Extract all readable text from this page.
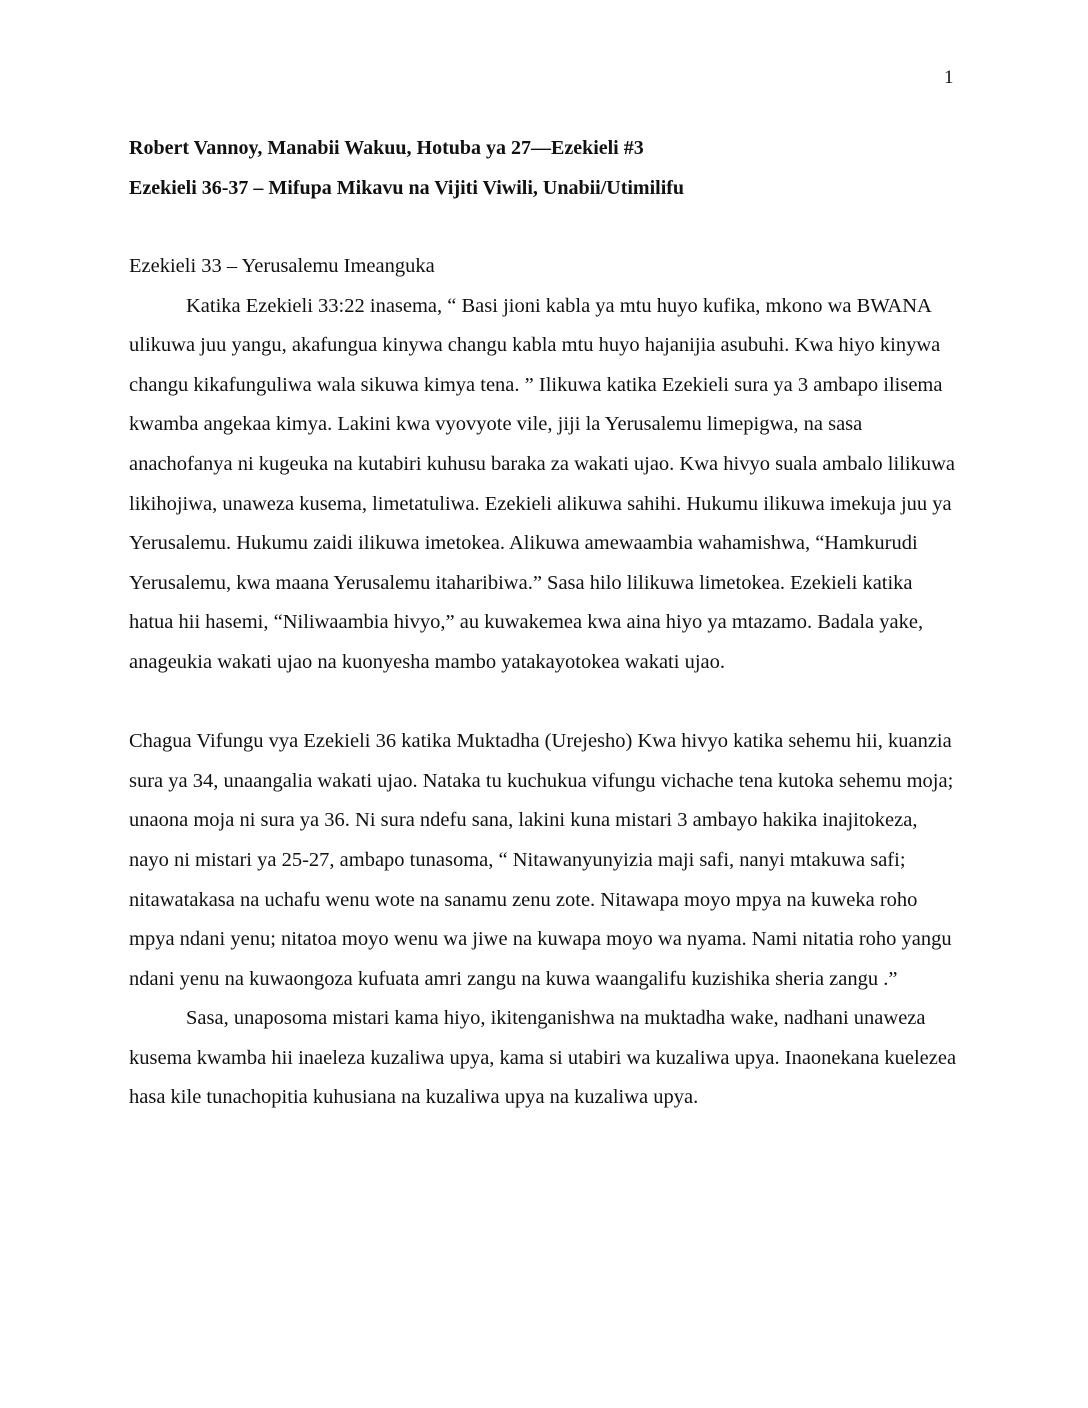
1
Robert Vannoy, Manabii Wakuu, Hotuba ya 27—Ezekieli #3
Ezekieli 36-37 – Mifupa Mikavu na Vijiti Viwili, Unabii/Utimilifu
Ezekieli 33 – Yerusalemu Imeanguka

Katika Ezekieli 33:22 inasema, “ Basi jioni kabla ya mtu huyo kufika, mkono wa BWANA ulikuwa juu yangu, akafungua kinywa changu kabla mtu huyo hajanijia asubuhi. Kwa hiyo kinywa changu kikafunguliwa wala sikuwa kimya tena. ” Ilikuwa katika Ezekieli sura ya 3 ambapo ilisema kwamba angekaa kimya. Lakini kwa vyovyote vile, jiji la Yerusalemu limepigwa, na sasa anachofanya ni kugeuka na kutabiri kuhusu baraka za wakati ujao. Kwa hivyo suala ambalo lilikuwa likihojiwa, unaweza kusema, limetatuliwa. Ezekieli alikuwa sahihi. Hukumu ilikuwa imekuja juu ya Yerusalemu. Hukumu zaidi ilikuwa imetokea. Alikuwa amewaambia wahamishwa, “Hamkurudi Yerusalemu, kwa maana Yerusalemu itaharibiwa.” Sasa hilo lilikuwa limetokea. Ezekieli katika hatua hii hasemi, “Niliwaambia hivyo,” au kuwakemea kwa aina hiyo ya mtazamo. Badala yake, anageukia wakati ujao na kuonyesha mambo yatakayotokea wakati ujao.

Chagua Vifungu vya Ezekieli 36 katika Muktadha (Urejesho) Kwa hivyo katika sehemu hii, kuanzia sura ya 34, unaangalia wakati ujao. Nataka tu kuchukua vifungu vichache tena kutoka sehemu moja; unaona moja ni sura ya 36. Ni sura ndefu sana, lakini kuna mistari 3 ambayo hakika inajitokeza, nayo ni mistari ya 25-27, ambapo tunasoma, “ Nitawanyunyizia maji safi, nanyi mtakuwa safi; nitawatakasa na uchafu wenu wote na sanamu zenu zote. Nitawapa moyo mpya na kuweka roho mpya ndani yenu; nitatoa moyo wenu wa jiwe na kuwapa moyo wa nyama. Nami nitatia roho yangu ndani yenu na kuwaongoza kufuata amri zangu na kuwa waangalifu kuzishika sheria zangu .”

Sasa, unaposoma mistari kama hiyo, ikitenganishwa na muktadha wake, nadhani unaweza kusema kwamba hii inaeleza kuzaliwa upya, kama si utabiri wa kuzaliwa upya. Inaonekana kuelezea hasa kile tunachopitia kuhusiana na kuzaliwa upya na kuzaliwa upya.
